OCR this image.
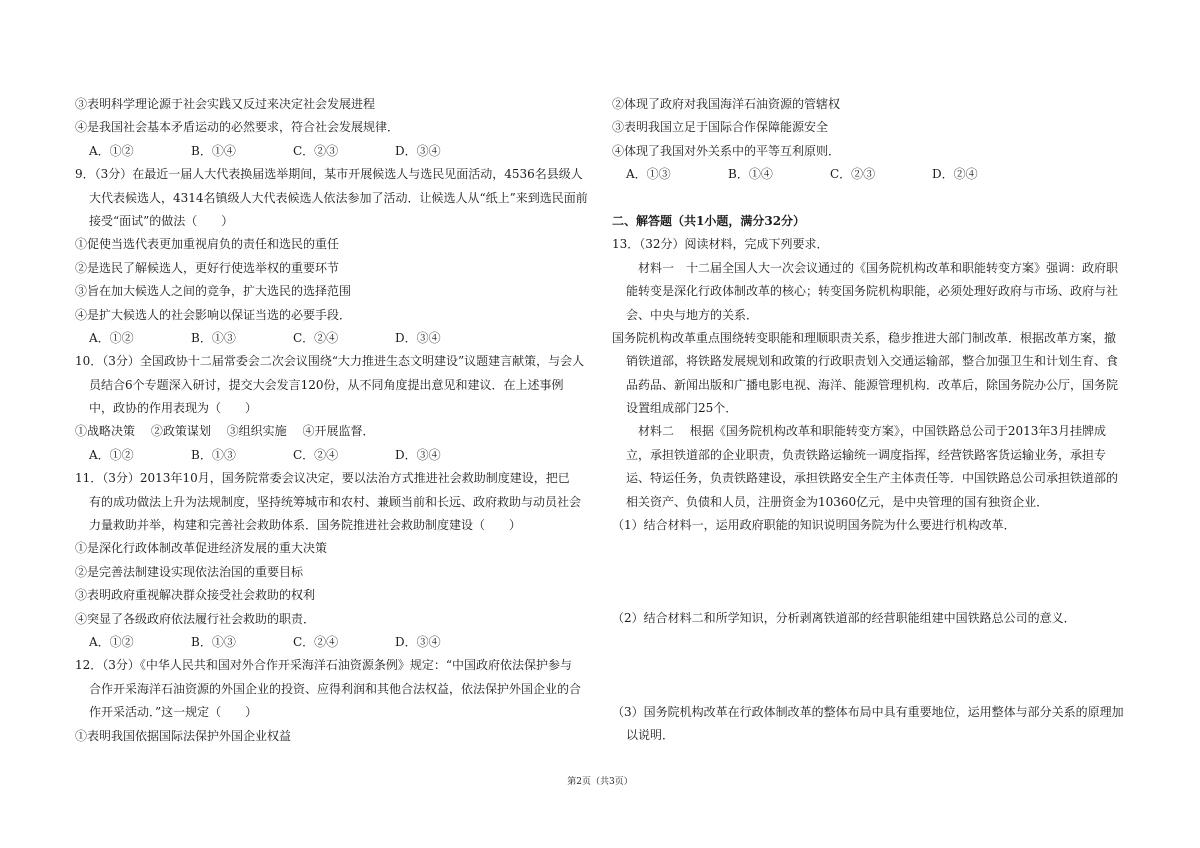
③表明科学理论源于社会实践又反过来决定社会发展进程
④是我国社会基本矛盾运动的必然要求，符合社会发展规律．
A．①②	B．①④	C．②③	D．③④
9．（3分）在最近一届人大代表换届选举期间，某市开展候选人与选民见面活动，4536名县级人
大代表候选人，4314名镇级人大代表候选人依法参加了活动．让候选人从“纸上”来到选民面前
接受“面试”的做法（　　）
①促使当选代表更加重视肩负的责任和选民的重任
②是选民了解候选人，更好行使选举权的重要环节
③旨在加大候选人之间的竞争，扩大选民的选择范围
④是扩大候选人的社会影响以保证当选的必要手段．
A．①②	B．①③	C．②④	D．③④
10．（3分）全国政协十二届常委会二次会议围绕“大力推进生态文明建设”议题建言献策，与会人
员结合6个专题深入研讨，提交大会发言120份，从不同角度提出意见和建议．在上述事例
中，政协的作用表现为（　　）
①战略决策　 ②政策谋划　 ③组织实施　 ④开展监督．
A．①②	B．①③	C．②④	D．③④
11．（3分）2013年10月，国务院常委会议决定，要以法治方式推进社会救助制度建设，把已
有的成功做法上升为法规制度，坚持统筹城市和农村、兼顾当前和长远、政府救助与动员社会
力量救助并举，构建和完善社会救助体系．国务院推进社会救助制度建设（　　）
①是深化行政体制改革促进经济发展的重大决策
②是完善法制建设实现依法治国的重要目标
③表明政府重视解决群众接受社会救助的权利
④突显了各级政府依法履行社会救助的职责．
A．①②	B．①③	C．②④	D．③④
12．（3分）《中华人民共和国对外合作开采海洋石油资源条例》规定：“中国政府依法保护参与
合作开采海洋石油资源的外国企业的投资、应得利润和其他合法权益，依法保护外国企业的合
作开采活动．”这一规定（　　）
①表明我国依据国际法保护外国企业权益
②体现了政府对我国海洋石油资源的管辖权
③表明我国立足于国际合作保障能源安全
④体现了我国对外关系中的平等互利原则．
A．①③	B．①④	C．②③	D．②④
二、解答题（共1小题，满分32分）
13．（32分）阅读材料，完成下列要求．
材料一　十二届全国人大一次会议通过的《国务院机构改革和职能转变方案》强调：政府职
能转变是深化行政体制改革的核心；转变国务院机构职能，必须处理好政府与市场、政府与社
会、中央与地方的关系．
国务院机构改革重点围绕转变职能和理顺职责关系，稳步推进大部门制改革．根据改革方案，撤
销铁道部，将铁路发展规划和政策的行政职责划入交通运输部，整合加强卫生和计划生育、食
品药品、新闻出版和广播电影电视、海洋、能源管理机构．改革后，除国务院办公厅，国务院
设置组成部门25个．
材料二　 根据《国务院机构改革和职能转变方案》，中国铁路总公司于2013年3月挂牌成
立，承担铁道部的企业职责，负责铁路运输统一调度指挥，经营铁路客货运输业务，承担专
运、特运任务，负责铁路建设，承担铁路安全生产主体责任等．中国铁路总公司承担铁道部的
相关资产、负债和人员，注册资金为10360亿元，是中央管理的国有独资企业．
（1）结合材料一，运用政府职能的知识说明国务院为什么要进行机构改革．
（2）结合材料二和所学知识，分析剥离铁道部的经营职能组建中国铁路总公司的意义．
（3）国务院机构改革在行政体制改革的整体布局中具有重要地位，运用整体与部分关系的原理加
以说明．
第2页（共3页）
